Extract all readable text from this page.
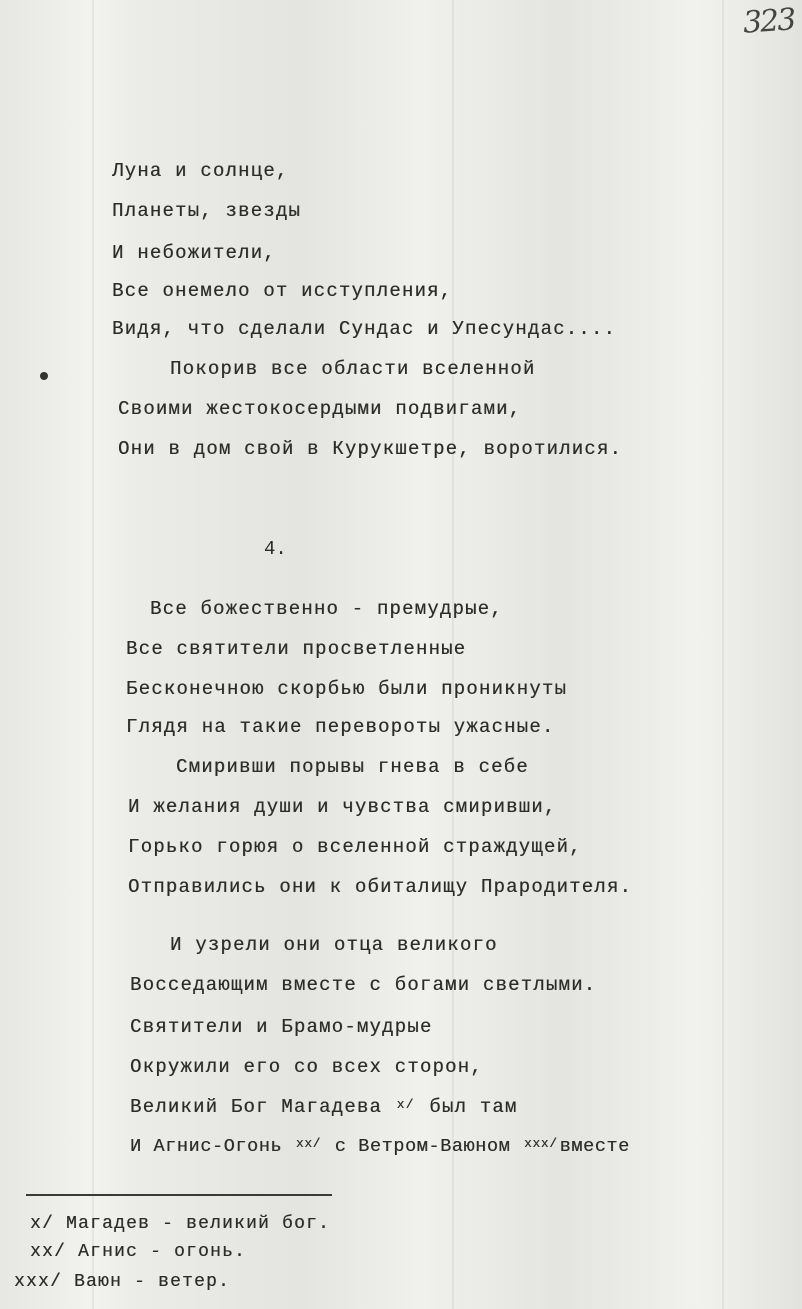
323
Луна и солнце,
Планеты, звезды
И небожители,
Все онемело от исступления,
Видя, что сделали Сундас и Упесундас....
Покорив все области вселенной
Своими жестокосердыми подвигами,
Они в дом свой в Курукшетре, воротилися.
4.
Все божественно - премудрые,
Все святители просветленные
Бесконечною скорбью были проникнуты
Глядя на такие перевороты ужасные.
Смиривши порывы гнева в себе
И желания души и чувства смиривши,
Горько горюя о вселенной страждущей,
Отправились они к обиталищу Прародителя.
И узрели они отца великого
Восседающим вместе с богами светлыми.
Святители и Брамо-мудрые
Окружили его со всех сторон,
Великий Бог Магадева $^{х/}$ был там
И Агнис-Огонь $^{хх/}$ с Ветром-Ваюном $^{ххх/}$ вместе
х/ Магадев - великий бог.
хх/ Агнис - огонь.
ххх/ Ваюн - ветер.
